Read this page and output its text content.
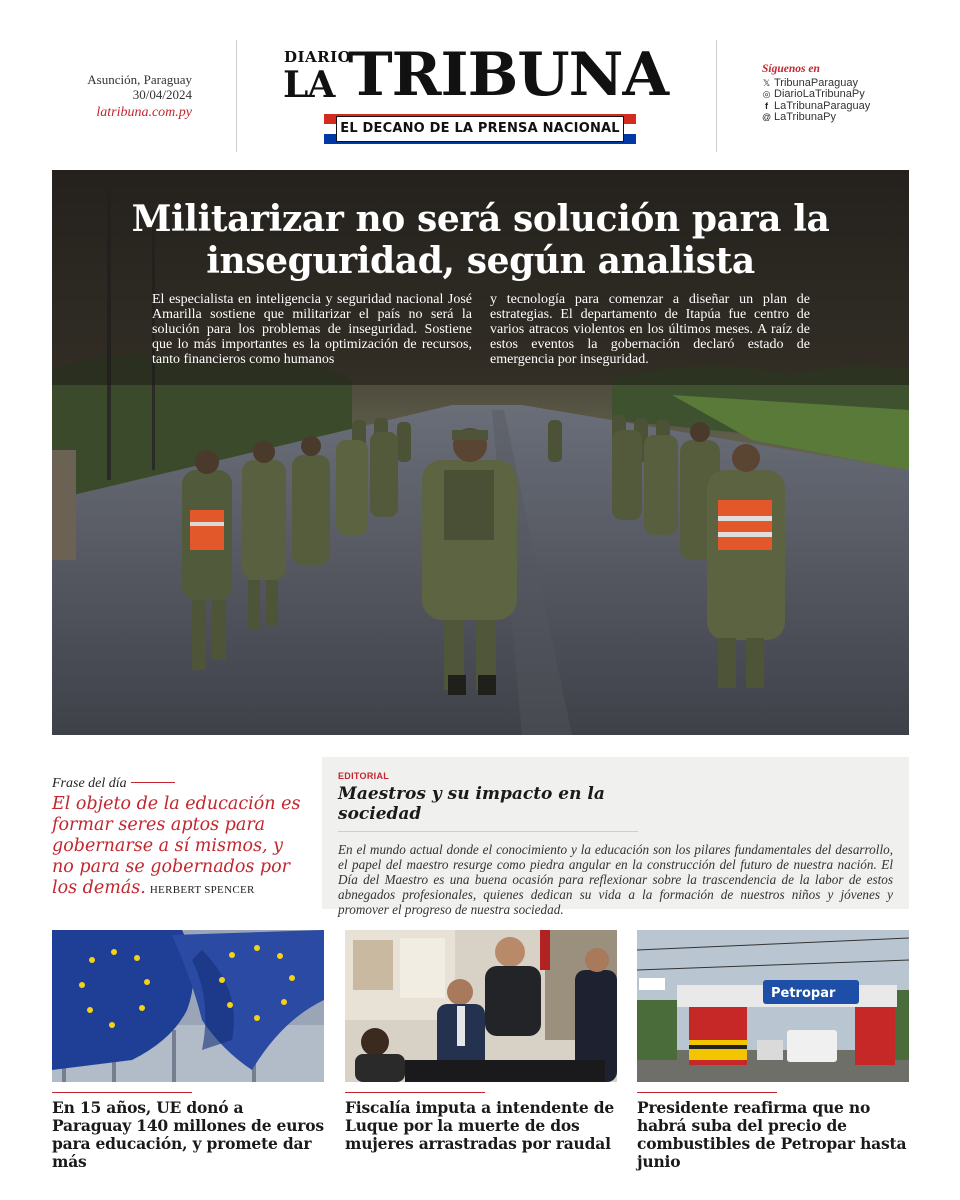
Asunción, Paraguay
30/04/2024
latribuna.com.py
DIARIO
LA TRIBUNA
EL DECANO DE LA PRENSA NACIONAL
Síguenos en
𝕏 TribunaParaguay
◎ DiarioLaTribunaPy
f LaTribunaParaguay
@ LaTribunaPy
Militarizar no será solución para la inseguridad, según analista

El especialista en inteligencia y seguridad nacional José Amarilla sostiene que militarizar el país no será la solución para los problemas de inseguridad. Sostiene que lo más importantes es la optimización de recursos, tanto financieros como humanos

y tecnología para comenzar a diseñar un plan de estrategias. El departamento de Itapúa fue centro de varios atracos violentos en los últimos meses. A raíz de estos eventos la gobernación declaró estado de emergencia por inseguridad.

Frase del día

El objeto de la educación es formar seres aptos para gobernarse a sí mismos, y no para se gobernados por los demás. HERBERT SPENCER

EDITORIAL
Maestros y su impacto en la sociedad

En el mundo actual donde el conocimiento y la educación son los pilares fundamentales del desarrollo, el papel del maestro resurge como piedra angular en la construcción del futuro de nuestra nación. El Día del Maestro es una buena ocasión para reflexionar sobre la trascendencia de la labor de estos abnegados profesionales, quienes dedican su vida a la formación de nuestros niños y jóvenes y promover el progreso de nuestra sociedad.

En 15 años, UE donó a Paraguay 140 millones de euros para educación, y promete dar más
Fiscalía imputa a intendente de Luque por la muerte de dos mujeres arrastradas por raudal
Petropar
Presidente reafirma que no habrá suba del precio de combustibles de Petropar hasta junio
